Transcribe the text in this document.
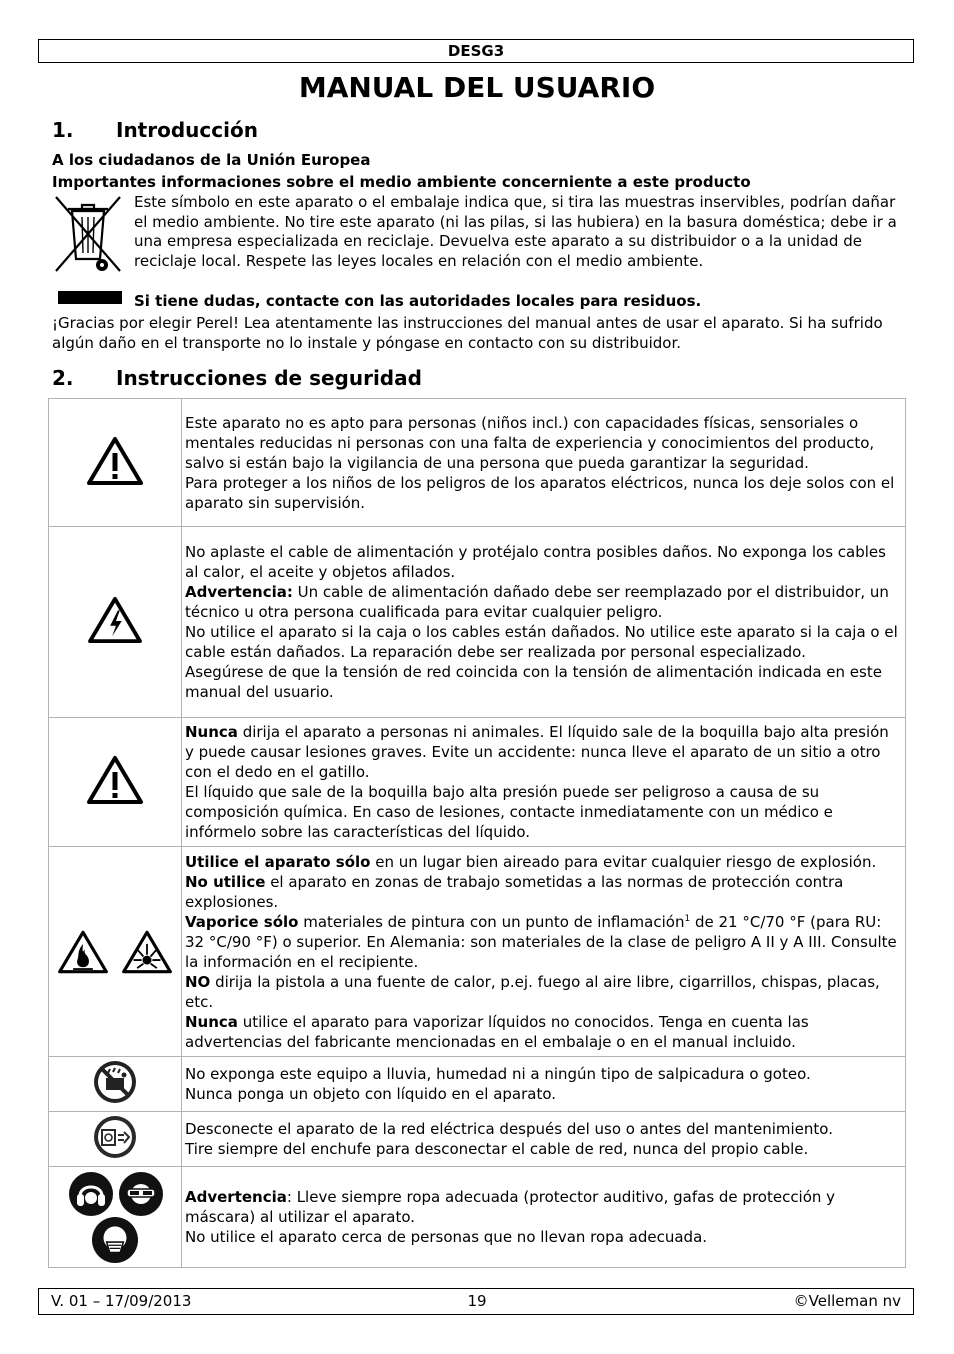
DESG3
MANUAL DEL USUARIO
1. Introducción

A los ciudadanos de la Unión Europea

Importantes informaciones sobre el medio ambiente concerniente a este producto

Este símbolo en este aparato o el embalaje indica que, si tira las muestras inservibles, podrían dañar el medio ambiente. No tire este aparato (ni las pilas, si las hubiera) en la basura doméstica; debe ir a una empresa especializada en reciclaje. Devuelva este aparato a su distribuidor o a la unidad de reciclaje local. Respete las leyes locales en relación con el medio ambiente.

Si tiene dudas, contacte con las autoridades locales para residuos.

¡Gracias por elegir Perel! Lea atentamente las instrucciones del manual antes de usar el aparato. Si ha sufrido algún daño en el transporte no lo instale y póngase en contacto con su distribuidor.

2. Instrucciones de seguridad

Este aparato no es apto para personas (niños incl.) con capacidades físicas, sensoriales o mentales reducidas ni personas con una falta de experiencia y conocimientos del producto, salvo si están bajo la vigilancia de una persona que pueda garantizar la seguridad.
Para proteger a los niños de los peligros de los aparatos eléctricos, nunca los deje solos con el aparato sin supervisión.

No aplaste el cable de alimentación y protéjalo contra posibles daños. No exponga los cables al calor, el aceite y objetos afilados.
Advertencia: Un cable de alimentación dañado debe ser reemplazado por el distribuidor, un técnico u otra persona cualificada para evitar cualquier peligro.
No utilice el aparato si la caja o los cables están dañados. No utilice este aparato si la caja o el cable están dañados. La reparación debe ser realizada por personal especializado.
Asegúrese de que la tensión de red coincida con la tensión de alimentación indicada en este manual del usuario.

Nunca dirija el aparato a personas ni animales. El líquido sale de la boquilla bajo alta presión y puede causar lesiones graves. Evite un accidente: nunca lleve el aparato de un sitio a otro con el dedo en el gatillo.
El líquido que sale de la boquilla bajo alta presión puede ser peligroso a causa de su composición química. En caso de lesiones, contacte inmediatamente con un médico e infórmelo sobre las características del líquido.

Utilice el aparato sólo en un lugar bien aireado para evitar cualquier riesgo de explosión. No utilice el aparato en zonas de trabajo sometidas a las normas de protección contra explosiones.
Vaporice sólo materiales de pintura con un punto de inflamación$^1$ de 21 °C/70 °F (para RU: 32 °C/90 °F) o superior. En Alemania: son materiales de la clase de peligro A II y A III. Consulte la información en el recipiente.
NO dirija la pistola a una fuente de calor, p.ej. fuego al aire libre, cigarrillos, chispas, placas, etc.
Nunca utilice el aparato para vaporizar líquidos no conocidos. Tenga en cuenta las advertencias del fabricante mencionadas en el embalaje o en el manual incluido.

No exponga este equipo a lluvia, humedad ni a ningún tipo de salpicadura o goteo.
Nunca ponga un objeto con líquido en el aparato.

Desconecte el aparato de la red eléctrica después del uso o antes del mantenimiento.
Tire siempre del enchufe para desconectar el cable de red, nunca del propio cable.

Advertencia: Lleve siempre ropa adecuada (protector auditivo, gafas de protección y máscara) al utilizar el aparato.
No utilice el aparato cerca de personas que no llevan ropa adecuada.
V. 01 – 17/09/2013	19	©Velleman nv
